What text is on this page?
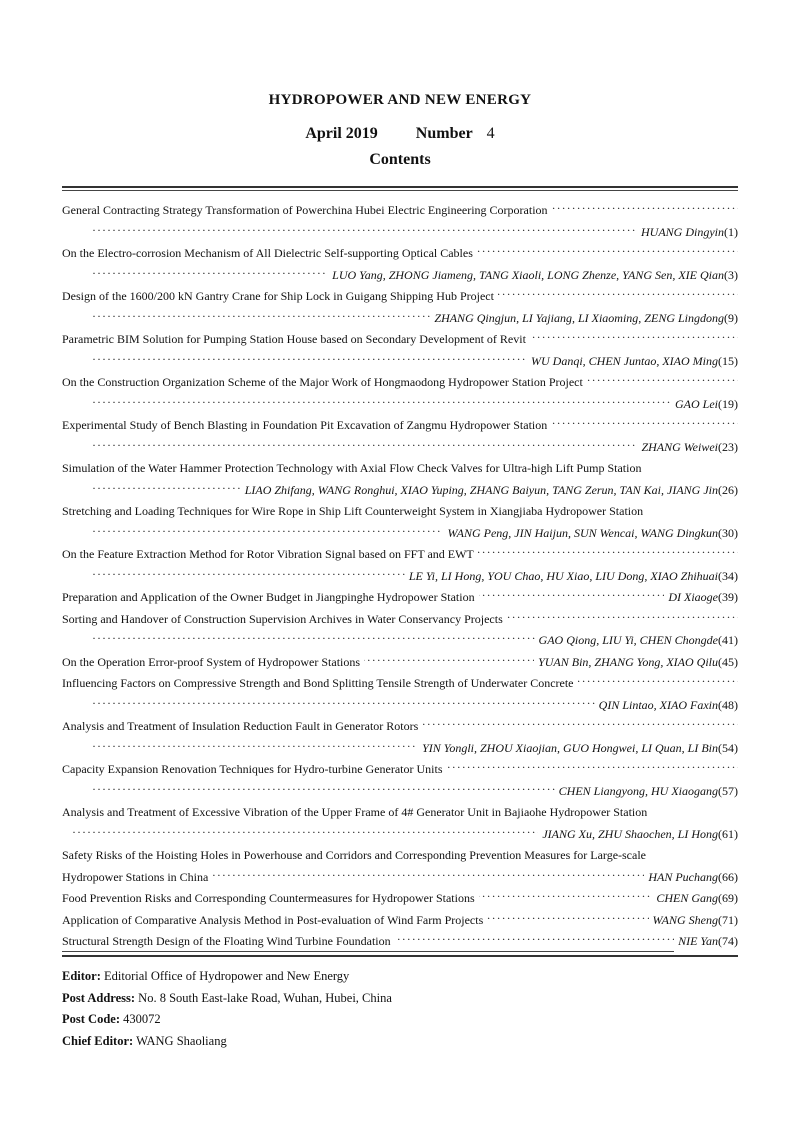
HYDROPOWER AND NEW ENERGY
April 2019 Number 4
Contents
····· General Contracting Strategy Transformation of Powerchina Hubei Electric Engineering Corporation
····· HUANG Dingyin(1)
····· On the Electro-corrosion Mechanism of All Dielectric Self-supporting Optical Cables
····· LUO Yang, ZHONG Jiameng, TANG Xiaoli, LONG Zhenze, YANG Sen, XIE Qian(3)
····· Design of the 1600/200 kN Gantry Crane for Ship Lock in Guigang Shipping Hub Project
····· ZHANG Qingjun, LI Yajiang, LI Xiaoming, ZENG Lingdong(9)
····· Parametric BIM Solution for Pumping Station House based on Secondary Development of Revit
····· WU Danqi, CHEN Juntao, XIAO Ming(15)
····· On the Construction Organization Scheme of the Major Work of Hongmaodong Hydropower Station Project
····· GAO Lei(19)
····· Experimental Study of Bench Blasting in Foundation Pit Excavation of Zangmu Hydropower Station
····· ZHANG Weiwei(23)
Simulation of the Water Hammer Protection Technology with Axial Flow Check Valves for Ultra-high Lift Pump Station
····· LIAO Zhifang, WANG Ronghui, XIAO Yuping, ZHANG Baiyun, TANG Zerun, TAN Kai, JIANG Jin(26)
Stretching and Loading Techniques for Wire Rope in Ship Lift Counterweight System in Xiangjiaba Hydropower Station
····· WANG Peng, JIN Haijun, SUN Wencai, WANG Dingkun(30)
····· On the Feature Extraction Method for Rotor Vibration Signal based on FFT and EWT
····· LE Yi, LI Hong, YOU Chao, HU Xiao, LIU Dong, XIAO Zhihuai(34)
····· Preparation and Application of the Owner Budget in Jiangpinghe Hydropower Station	DI Xiaoge(39)
····· Sorting and Handover of Construction Supervision Archives in Water Conservancy Projects
····· GAO Qiong, LIU Yi, CHEN Chongde(41)
····· On the Operation Error-proof System of Hydropower Stations	YUAN Bin, ZHANG Yong, XIAO Qilu(45)
····· Influencing Factors on Compressive Strength and Bond Splitting Tensile Strength of Underwater Concrete
····· QIN Lintao, XIAO Faxin(48)
····· Analysis and Treatment of Insulation Reduction Fault in Generator Rotors
····· YIN Yongli, ZHOU Xiaojian, GUO Hongwei, LI Quan, LI Bin(54)
····· Capacity Expansion Renovation Techniques for Hydro-turbine Generator Units
····· CHEN Liangyong, HU Xiaogang(57)
Analysis and Treatment of Excessive Vibration of the Upper Frame of 4# Generator Unit in Bajiaohe Hydropower Station
····· JIANG Xu, ZHU Shaochen, LI Hong(61)
Safety Risks of the Hoisting Holes in Powerhouse and Corridors and Corresponding Prevention Measures for Large-scale
····· Hydropower Stations in China	HAN Puchang(66)
····· Food Prevention Risks and Corresponding Countermeasures for Hydropower Stations	CHEN Gang(69)
····· Application of Comparative Analysis Method in Post-evaluation of Wind Farm Projects	WANG Sheng(71)
····· Structural Strength Design of the Floating Wind Turbine Foundation	NIE Yan(74)
Editor: Editorial Office of Hydropower and New Energy
Post Address: No. 8 South East-lake Road, Wuhan, Hubei, China
Post Code: 430072
Chief Editor: WANG Shaoliang
